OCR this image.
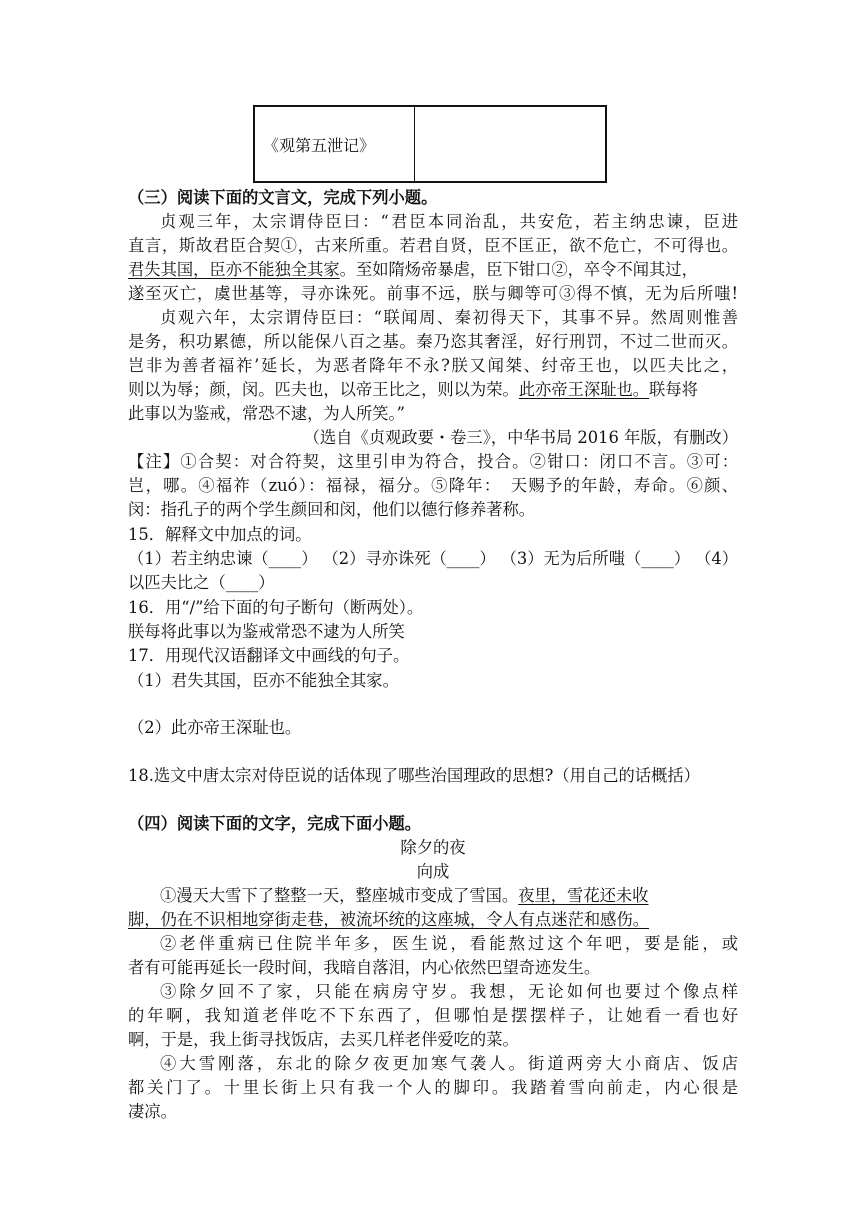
《观第五泄记》
（三）阅读下面的文言文，完成下列小题。
贞观三年，太宗谓侍臣曰：“君臣本同治乱，共安危，若主纳忠谏，臣进
直言，斯故君臣合契①，古来所重。若君自贤，臣不匡正，欲不危亡，不可得也。
君失其国，臣亦不能独全其家。至如隋炀帝暴虐，臣下钳口②，卒令不闻其过，
遂至灭亡，虞世基等，寻亦诛死。前事不远，朕与卿等可③得不慎，无为后所嗤!
贞观六年，太宗谓侍臣曰：“联闻周、秦初得天下，其事不异。然周则惟善
是务，积功累德，所以能保八百之基。秦乃恣其奢淫，好行刑罚，不过二世而灭。
岂非为善者福祚’延长，为恶者降年不永?朕又闻桀、纣帝王也，以匹夫比之，
则以为辱；颜，闵。匹夫也，以帝王比之，则以为荣。此亦帝王深耻也。联每将
此事以为鉴戒，常恐不逮，为人所笑。”
（选自《贞观政要・卷三》，中华书局 2016 年版，有删改）
【注】①合契：对合符契，这里引申为符合，投合。②钳口：闭口不言。③可：
岂，哪。④福祚（zuó）：福禄，福分。⑤降年：　天赐予的年龄，寿命。⑥颜、
闵：指孔子的两个学生颜回和闵，他们以德行修养著称。
15．解释文中加点的词。
（1）若主纳忠谏（____） （2）寻亦诛死（____） （3）无为后所嗤（____） （4）
以匹夫比之（____）
16．用“/”给下面的句子断句（断两处）。
朕每将此事以为鉴戒常恐不逮为人所笑
17．用现代汉语翻译文中画线的句子。
（1）君失其国，臣亦不能独全其家。
（2）此亦帝王深耻也。
18.选文中唐太宗对侍臣说的话体现了哪些治国理政的思想?（用自己的话概括）
（四）阅读下面的文字，完成下面小题。
除夕的夜
向成
①漫天大雪下了整整一天，整座城市变成了雪国。夜里，雪花还未收
脚，仍在不识相地穿街走巷，被流坏统的这座城，令人有点迷茫和感伤。
②老伴重病已住院半年多，医生说，看能熬过这个年吧，要是能，或
者有可能再延长一段时间，我暗自落泪，内心依然巴望奇迹发生。
③除夕回不了家，只能在病房守岁。我想，无论如何也要过个像点样
的年啊，我知道老伴吃不下东西了，但哪怕是摆摆样子，让她看一看也好
啊，于是，我上街寻找饭店，去买几样老伴爱吃的菜。
④大雪刚落，东北的除夕夜更加寒气袭人。街道两旁大小商店、饭店
都关门了。十里长街上只有我一个人的脚印。我踏着雪向前走，内心很是
凄凉。
